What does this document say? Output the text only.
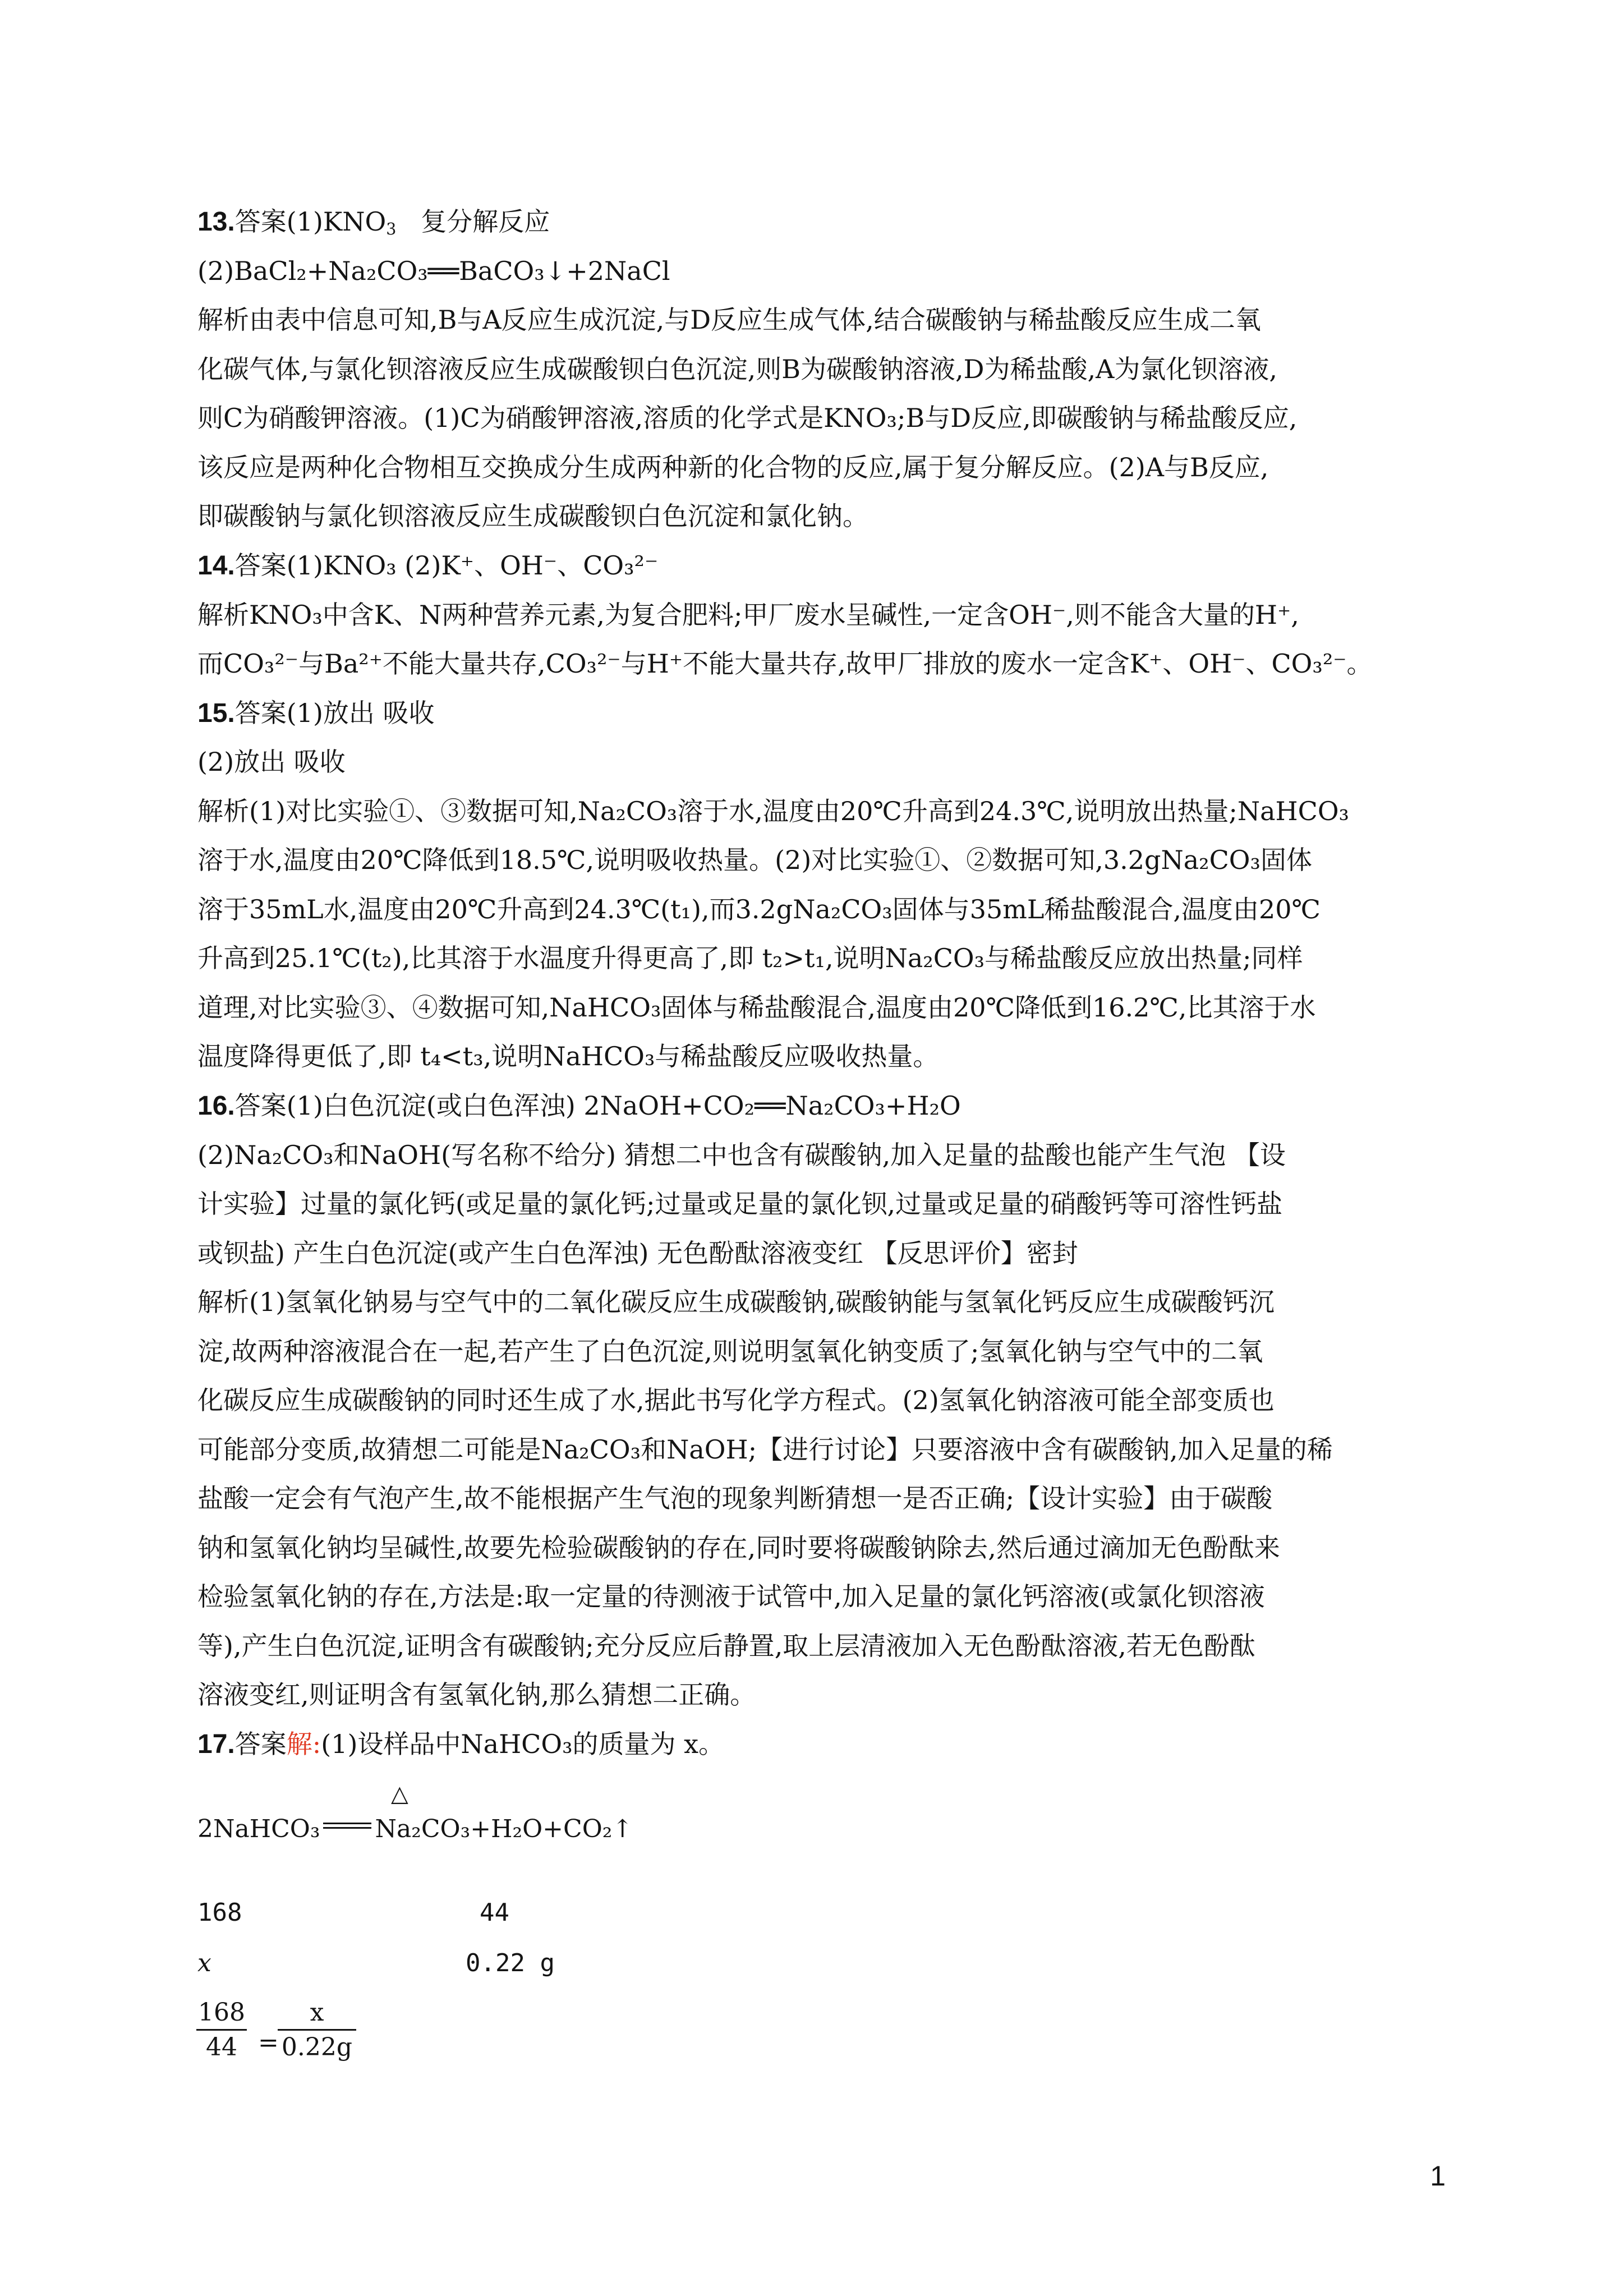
13.答案$(1)KNO_3$ 复分解反应
(2)BaCl₂+Na₂CO₃══BaCO₃↓+2NaCl
解析由表中信息可知,B与A反应生成沉淀,与D反应生成气体,结合碳酸钠与稀盐酸反应生成二氧
化碳气体,与氯化钡溶液反应生成碳酸钡白色沉淀,则B为碳酸钠溶液,D为稀盐酸,A为氯化钡溶液,
则C为硝酸钾溶液。(1)C为硝酸钾溶液,溶质的化学式是KNO₃;B与D反应,即碳酸钠与稀盐酸反应,
该反应是两种化合物相互交换成分生成两种新的化合物的反应,属于复分解反应。(2)A与B反应,
即碳酸钠与氯化钡溶液反应生成碳酸钡白色沉淀和氯化钠。
14.答案(1)KNO₃ (2)K⁺、OH⁻、CO₃²⁻
解析KNO₃中含K、N两种营养元素,为复合肥料;甲厂废水呈碱性,一定含OH⁻,则不能含大量的H⁺,
而CO₃²⁻与Ba²⁺不能大量共存,CO₃²⁻与H⁺不能大量共存,故甲厂排放的废水一定含K⁺、OH⁻、CO₃²⁻。
15.答案(1)放出 吸收
(2)放出 吸收
解析(1)对比实验①、③数据可知,Na₂CO₃溶于水,温度由20℃升高到24.3℃,说明放出热量;NaHCO₃
溶于水,温度由20℃降低到18.5℃,说明吸收热量。(2)对比实验①、②数据可知,3.2gNa₂CO₃固体
溶于35mL水,温度由20℃升高到24.3℃(t₁),而3.2gNa₂CO₃固体与35mL稀盐酸混合,温度由20℃
升高到25.1℃(t₂),比其溶于水温度升得更高了,即 t₂>t₁,说明Na₂CO₃与稀盐酸反应放出热量;同样
道理,对比实验③、④数据可知,NaHCO₃固体与稀盐酸混合,温度由20℃降低到16.2℃,比其溶于水
温度降得更低了,即 t₄<t₃,说明NaHCO₃与稀盐酸反应吸收热量。
16.答案(1)白色沉淀(或白色浑浊) 2NaOH+CO₂══Na₂CO₃+H₂O
(2)Na₂CO₃和NaOH(写名称不给分) 猜想二中也含有碳酸钠,加入足量的盐酸也能产生气泡 【设
计实验】过量的氯化钙(或足量的氯化钙;过量或足量的氯化钡,过量或足量的硝酸钙等可溶性钙盐
或钡盐) 产生白色沉淀(或产生白色浑浊) 无色酚酞溶液变红 【反思评价】密封
解析(1)氢氧化钠易与空气中的二氧化碳反应生成碳酸钠,碳酸钠能与氢氧化钙反应生成碳酸钙沉
淀,故两种溶液混合在一起,若产生了白色沉淀,则说明氢氧化钠变质了;氢氧化钠与空气中的二氧
化碳反应生成碳酸钠的同时还生成了水,据此书写化学方程式。(2)氢氧化钠溶液可能全部变质也
可能部分变质,故猜想二可能是Na₂CO₃和NaOH;【进行讨论】只要溶液中含有碳酸钠,加入足量的稀
盐酸一定会有气泡产生,故不能根据产生气泡的现象判断猜想一是否正确;【设计实验】由于碳酸
钠和氢氧化钠均呈碱性,故要先检验碳酸钠的存在,同时要将碳酸钠除去,然后通过滴加无色酚酞来
检验氢氧化钠的存在,方法是:取一定量的待测液于试管中,加入足量的氯化钙溶液(或氯化钡溶液
等),产生白色沉淀,证明含有碳酸钠;充分反应后静置,取上层清液加入无色酚酞溶液,若无色酚酞
溶液变红,则证明含有氢氧化钠,那么猜想二正确。
17.答案解:(1)设样品中NaHCO₃的质量为 x。
△
2NaHCO₃ Na₂CO₃+H₂O+CO₂↑
168	44
x	0.22 g
168
44 =
x
0.22g
1
